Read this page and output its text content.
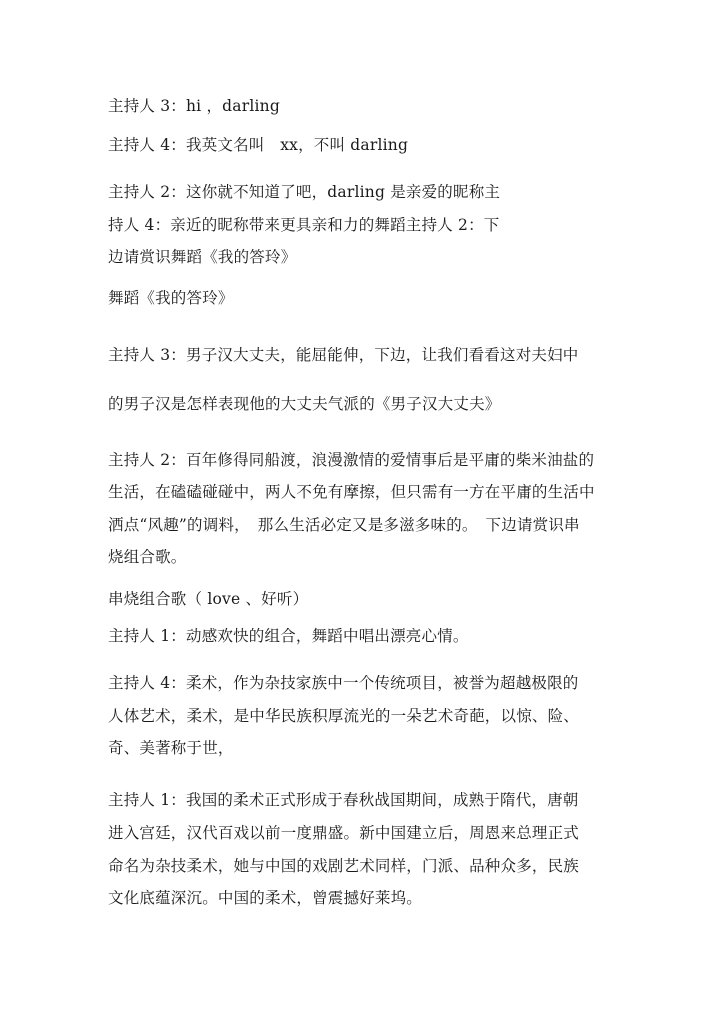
主持人 3：hi ，darling
主持人 4：我英文名叫　xx，不叫 darling
主持人 2：这你就不知道了吧，darling 是亲爱的昵称主
持人 4：亲近的昵称带来更具亲和力的舞蹈主持人 2：下
边请赏识舞蹈《我的答玲》
舞蹈《我的答玲》
主持人 3：男子汉大丈夫，能屈能伸，下边，让我们看看这对夫妇中
的男子汉是怎样表现他的大丈夫气派的《男子汉大丈夫》
主持人 2：百年修得同船渡，浪漫激情的爱情事后是平庸的柴米油盐的
生活，在磕磕碰碰中，两人不免有摩擦，但只需有一方在平庸的生活中
洒点“风趣”的调料，　那么生活必定又是多滋多味的。　下边请赏识串
烧组合歌。
串烧组合歌（ love 、好听）
主持人 1：动感欢快的组合，舞蹈中唱出漂亮心情。
主持人 4：柔术，作为杂技家族中一个传统项目，被誉为超越极限的
人体艺术，柔术，是中华民族积厚流光的一朵艺术奇葩，以惊、险、
奇、美著称于世，
主持人 1：我国的柔术正式形成于春秋战国期间，成熟于隋代，唐朝
进入宫廷，汉代百戏以前一度鼎盛。新中国建立后，周恩来总理正式
命名为杂技柔术，她与中国的戏剧艺术同样，门派、品种众多，民族
文化底蕴深沉。中国的柔术，曾震撼好莱坞。
